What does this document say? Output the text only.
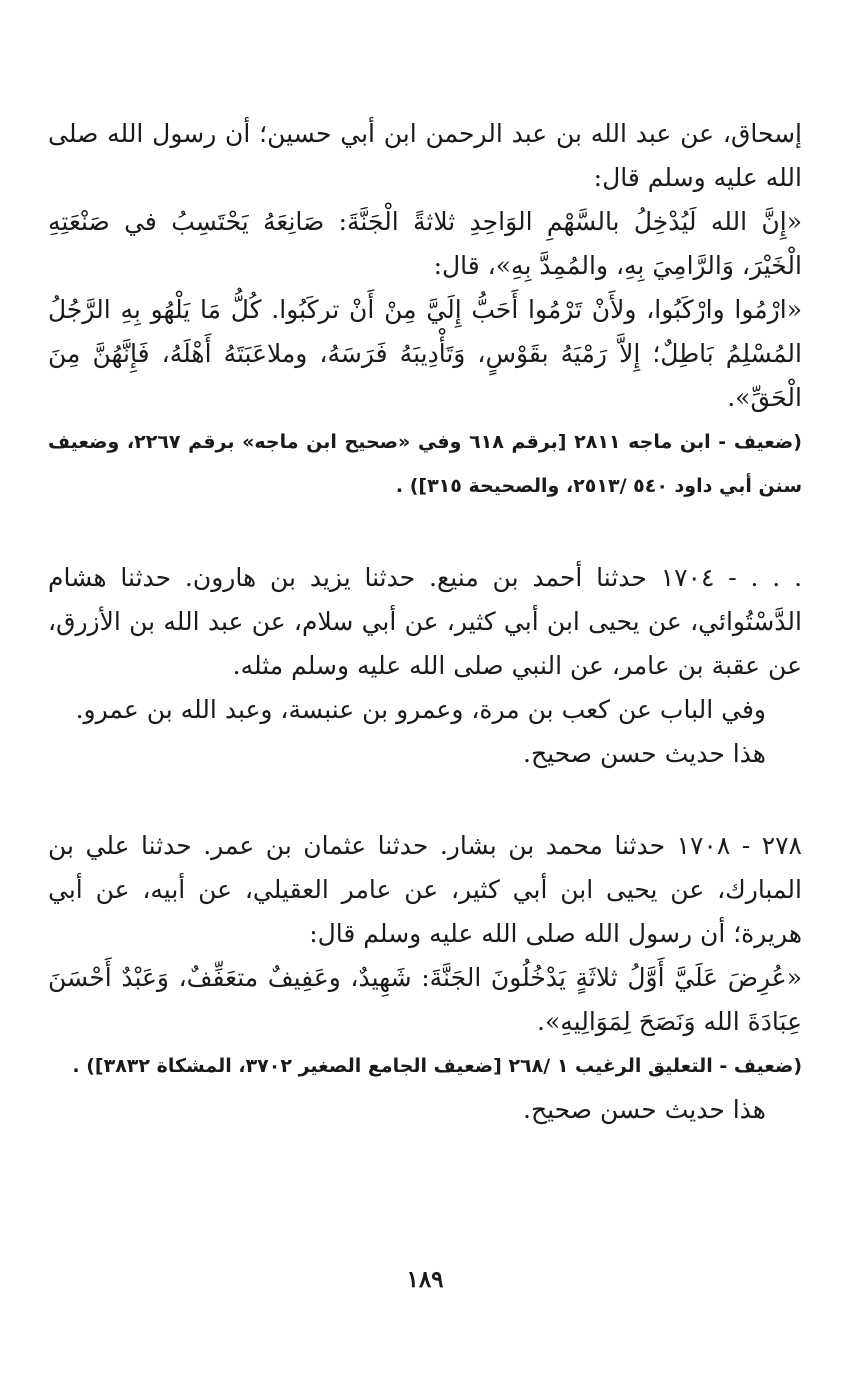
إسحاق، عن عبد الله بن عبد الرحمن ابن أبي حسين؛ أن رسول الله صلى الله عليه وسلم قال:
«إِنَّ الله لَيُدْخِلُ بالسَّهْمِ الوَاحِدِ ثلاثةً الْجَنَّةَ: صَانِعَهُ يَحْتَسِبُ في صَنْعَتِهِ الْخَيْرَ، وَالرَّامِيَ بِهِ، والمُمِدَّ بِهِ»، قال:
«ارْمُوا وارْكَبُوا، ولأَنْ تَرْمُوا أَحَبُّ إِلَيَّ مِنْ أَنْ تركَبُوا. كُلُّ مَا يَلْهُو بِهِ الرَّجُلُ المُسْلِمُ بَاطِلٌ؛ إِلاَّ رَمْيَهُ بقَوْسٍ، وَتَأْدِيبَهُ فَرَسَهُ، وملاعَبَتَهُ أَهْلَهُ، فَإِنَّهُنَّ مِنَ الْحَقِّ».
(ضعيف - ابن ماجه ٢٨١١ [برقم ٦١٨ وفي «صحيح ابن ماجه» برقم ٢٢٦٧، وضعيف سنن أبي داود ٥٤٠ /٢٥١٣، والصحيحة ٣١٥]) .
. . . - ١٧٠٤ حدثنا أحمد بن منيع. حدثنا يزيد بن هارون. حدثنا هشام الدَّسْتُوائي، عن يحيى ابن أبي كثير، عن أبي سلام، عن عبد الله بن الأزرق، عن عقبة بن عامر، عن النبي صلى الله عليه وسلم مثله.
وفي الباب عن كعب بن مرة، وعمرو بن عنبسة، وعبد الله بن عمرو.
هذا حديث حسن صحيح.
٢٧٨ - ١٧٠٨ حدثنا محمد بن بشار. حدثنا عثمان بن عمر. حدثنا علي بن المبارك، عن يحيى ابن أبي كثير، عن عامر العقيلي، عن أبيه، عن أبي هريرة؛ أن رسول الله صلى الله عليه وسلم قال:
«عُرِضَ عَلَيَّ أَوَّلُ ثلاثَةٍ يَدْخُلُونَ الجَنَّةَ: شَهِيدٌ، وعَفِيفٌ متعَفِّفٌ، وَعَبْدٌ أَحْسَنَ عِبَادَةَ الله وَنَصَحَ لِمَوَالِيهِ».
(ضعيف - التعليق الرغيب ١ /٢٦٨ [ضعيف الجامع الصغير ٣٧٠٢، المشكاة ٣٨٣٢]) .
هذا حديث حسن صحيح.
١٨٩
